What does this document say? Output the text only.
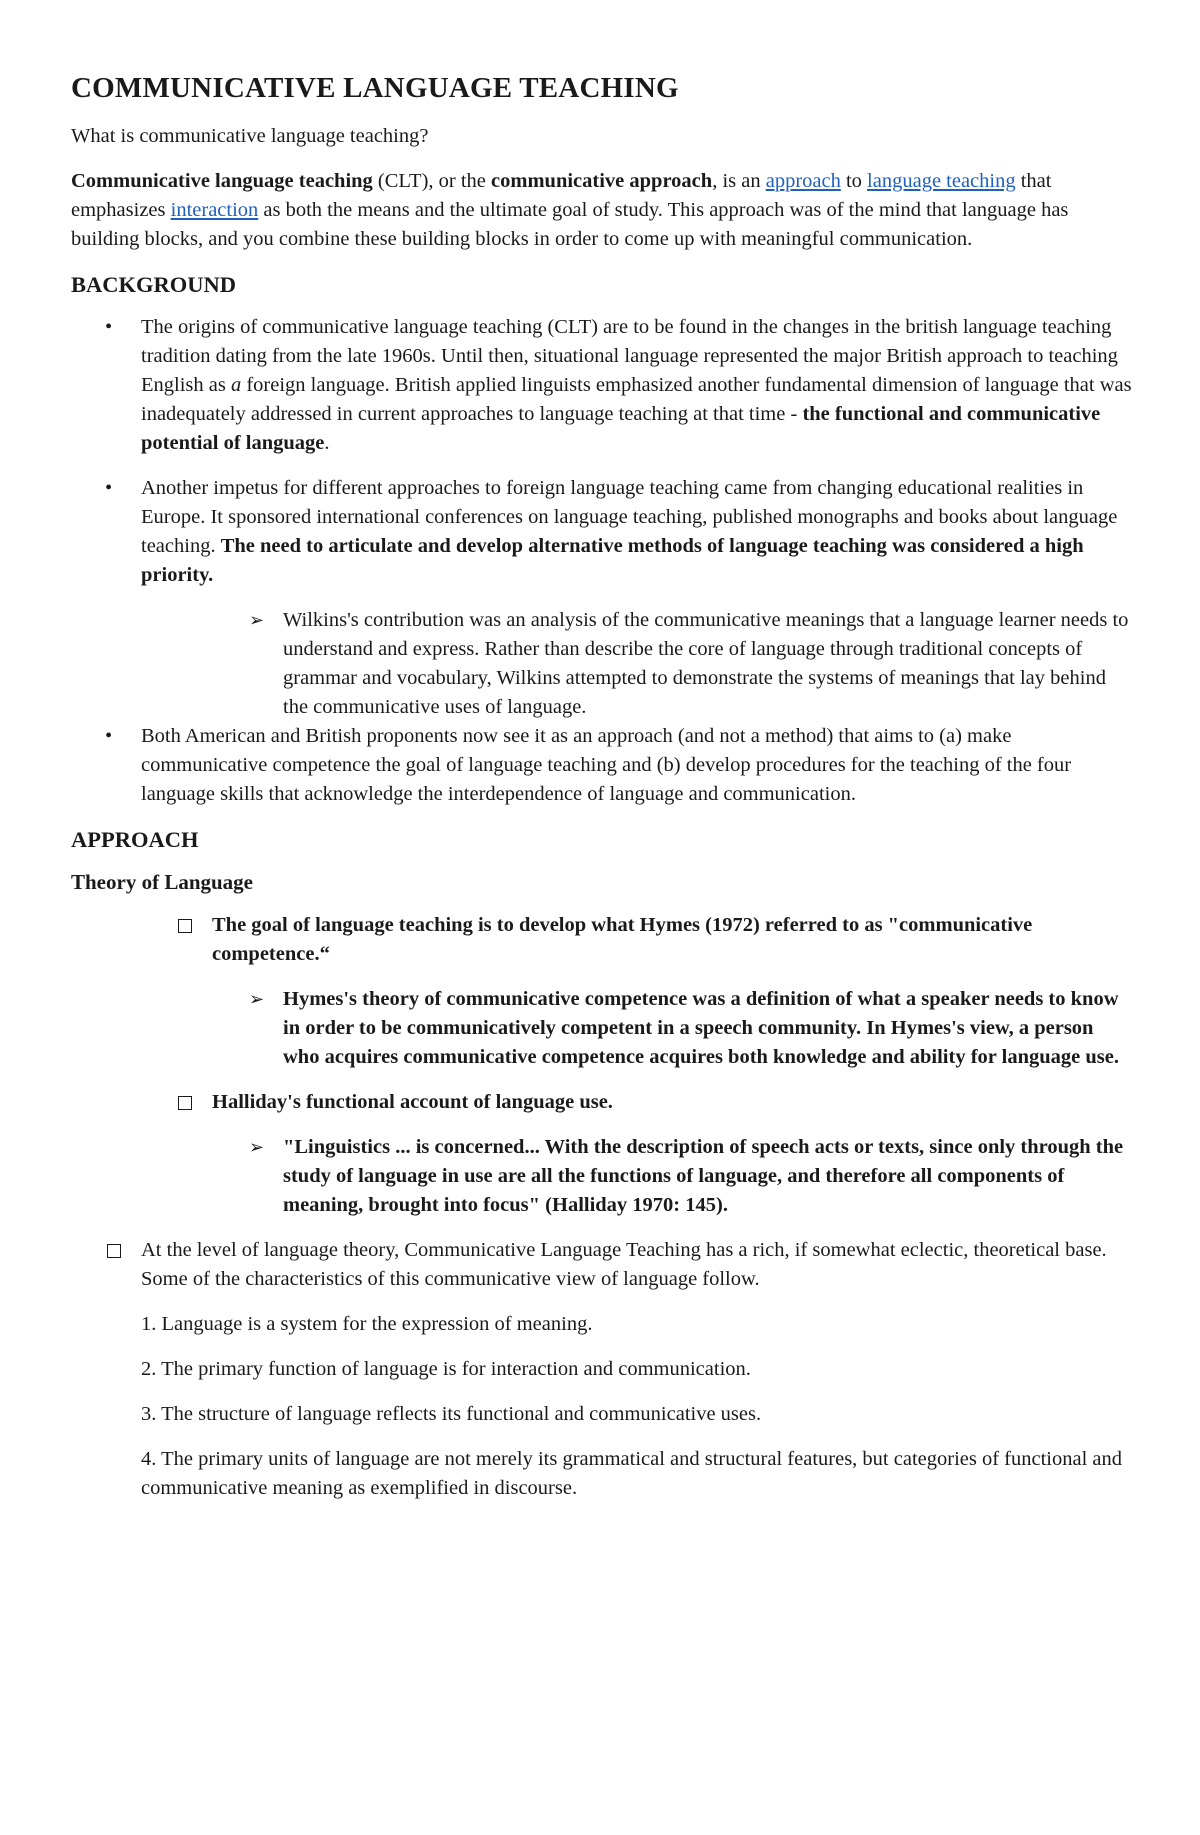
COMMUNICATIVE LANGUAGE TEACHING

What is communicative language teaching?

Communicative language teaching (CLT), or the communicative approach, is an approach to language teaching that emphasizes interaction as both the means and the ultimate goal of study. This approach was of the mind that language has building blocks, and you combine these building blocks in order to come up with meaningful communication.

BACKGROUND
• The origins of communicative language teaching (CLT) are to be found in the changes in the british language teaching tradition dating from the late 1960s. Until then, situational language represented the major British approach to teaching English as a foreign language. British applied linguists emphasized another fundamental dimension of language that was inadequately addressed in current approaches to language teaching at that time - the functional and communicative potential of language.
• Another impetus for different approaches to foreign language teaching came from changing educational realities in Europe. It sponsored international conferences on language teaching, published monographs and books about language teaching. The need to articulate and develop alternative methods of language teaching was considered a high priority.
➢ Wilkins's contribution was an analysis of the communicative meanings that a language learner needs to understand and express. Rather than describe the core of language through traditional concepts of grammar and vocabulary, Wilkins attempted to demonstrate the systems of meanings that lay behind the communicative uses of language.
• Both American and British proponents now see it as an approach (and not a method) that aims to (a) make communicative competence the goal of language teaching and (b) develop procedures for the teaching of the four language skills that acknowledge the interdependence of language and communication.
APPROACH
Theory of Language
The goal of language teaching is to develop what Hymes (1972) referred to as "communicative competence.“
➢ Hymes's theory of communicative competence was a definition of what a speaker needs to know in order to be communicatively competent in a speech community. In Hymes's view, a person who acquires communicative competence acquires both knowledge and ability for language use.
Halliday's functional account of language use.
➢ "Linguistics ... is concerned... With the description of speech acts or texts, since only through the study of language in use are all the functions of language, and therefore all components of meaning, brought into focus" (Halliday 1970: 145).
At the level of language theory, Communicative Language Teaching has a rich, if somewhat eclectic, theoretical base. Some of the characteristics of this communicative view of language follow.

1. Language is a system for the expression of meaning.

2. The primary function of language is for interaction and communication.

3. The structure of language reflects its functional and communicative uses.

4. The primary units of language are not merely its grammatical and structural features, but categories of functional and communicative meaning as exemplified in discourse.
